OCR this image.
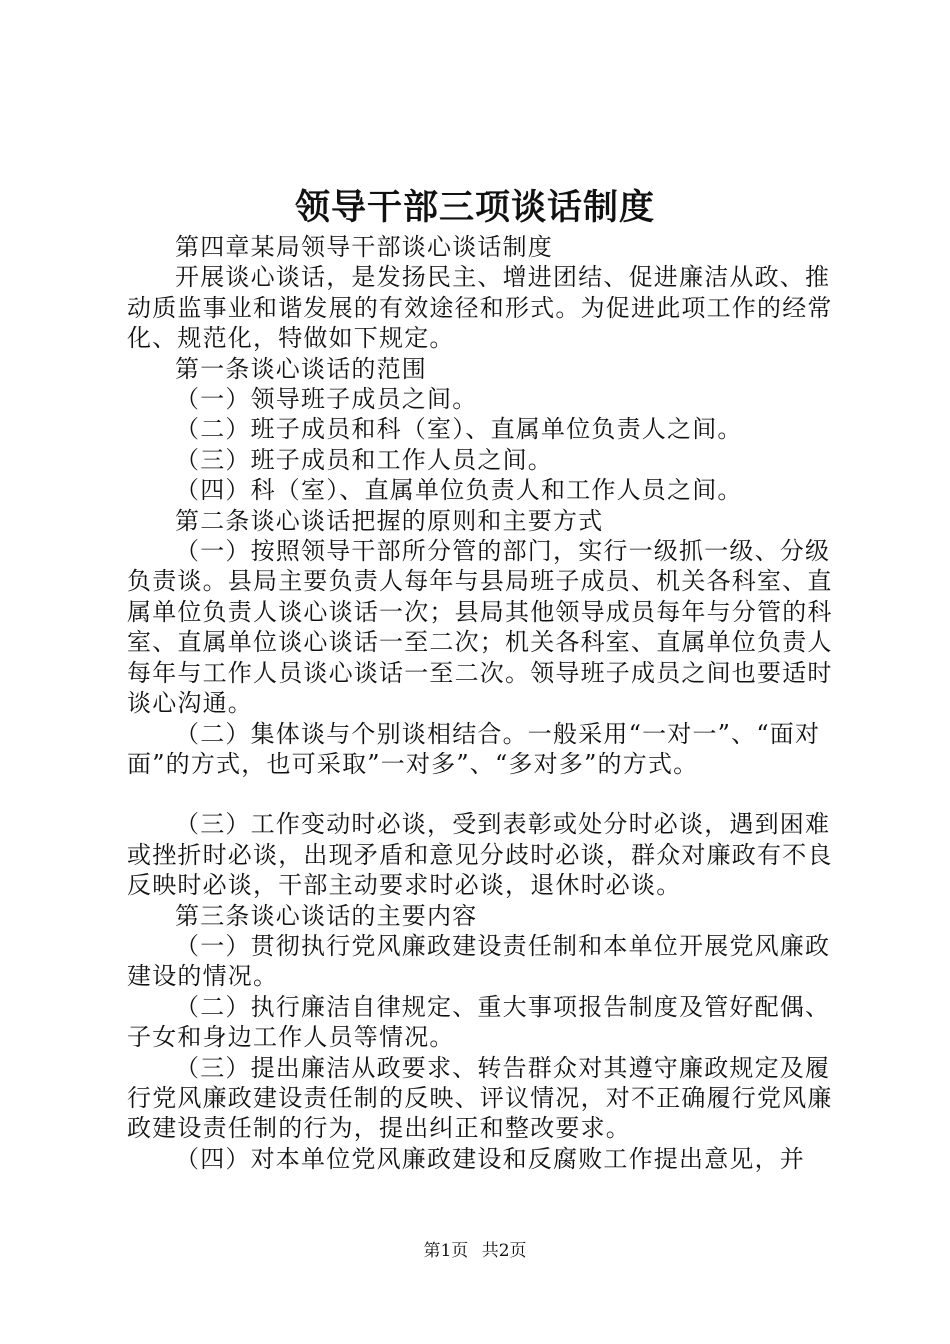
领导干部三项谈话制度

第四章某局领导干部谈心谈话制度

开展谈心谈话，是发扬民主、增进团结、促进廉洁从政、推动质监事业和谐发展的有效途径和形式。为促进此项工作的经常化、规范化，特做如下规定。

第一条谈心谈话的范围

（一）领导班子成员之间。

（二）班子成员和科（室）、直属单位负责人之间。

（三）班子成员和工作人员之间。

（四）科（室）、直属单位负责人和工作人员之间。

第二条谈心谈话把握的原则和主要方式

（一）按照领导干部所分管的部门，实行一级抓一级、分级负责谈。县局主要负责人每年与县局班子成员、机关各科室、直属单位负责人谈心谈话一次；县局其他领导成员每年与分管的科室、直属单位谈心谈话一至二次；机关各科室、直属单位负责人每年与工作人员谈心谈话一至二次。领导班子成员之间也要适时谈心沟通。

（二）集体谈与个别谈相结合。一般采用“一对一”、“面对面”的方式，也可采取”一对多”、“多对多”的方式。

（三）工作变动时必谈，受到表彰或处分时必谈，遇到困难或挫折时必谈，出现矛盾和意见分歧时必谈，群众对廉政有不良反映时必谈，干部主动要求时必谈，退休时必谈。

第三条谈心谈话的主要内容

（一）贯彻执行党风廉政建设责任制和本单位开展党风廉政建设的情况。

（二）执行廉洁自律规定、重大事项报告制度及管好配偶、子女和身边工作人员等情况。

（三）提出廉洁从政要求、转告群众对其遵守廉政规定及履行党风廉政建设责任制的反映、评议情况，对不正确履行党风廉政建设责任制的行为，提出纠正和整改要求。

（四）对本单位党风廉政建设和反腐败工作提出意见，并

第1页 共2页
